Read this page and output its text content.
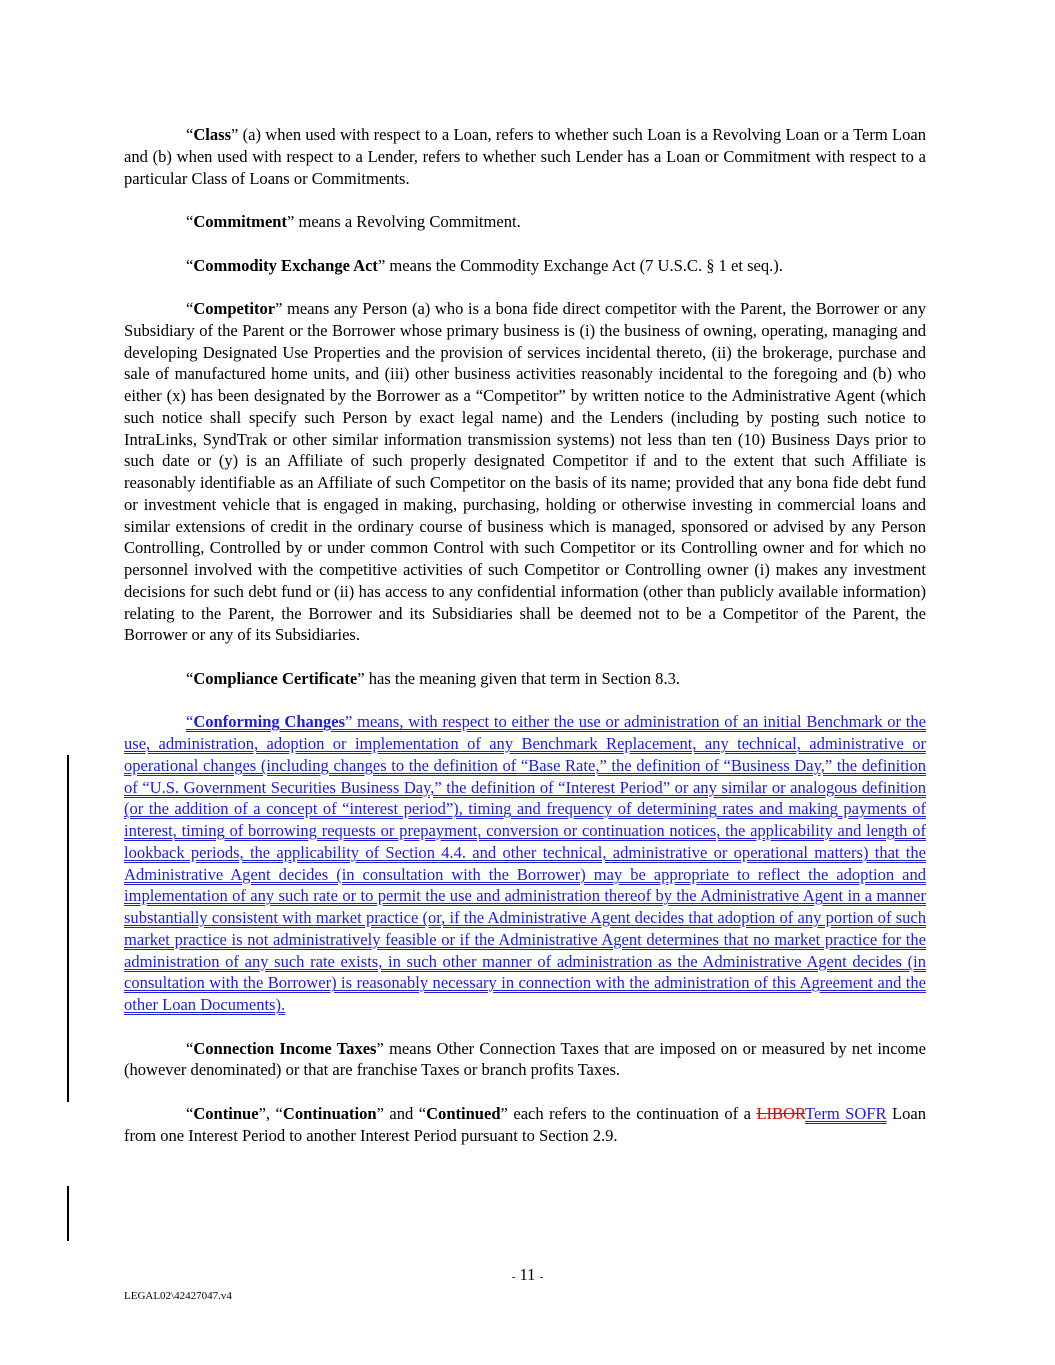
“Class” (a) when used with respect to a Loan, refers to whether such Loan is a Revolving Loan or a Term Loan and (b) when used with respect to a Lender, refers to whether such Lender has a Loan or Commitment with respect to a particular Class of Loans or Commitments.

“Commitment” means a Revolving Commitment.

“Commodity Exchange Act” means the Commodity Exchange Act (7 U.S.C. § 1 et seq.).

“Competitor” means any Person (a) who is a bona fide direct competitor with the Parent, the Borrower or any Subsidiary of the Parent or the Borrower whose primary business is (i) the business of owning, operating, managing and developing Designated Use Properties and the provision of services incidental thereto, (ii) the brokerage, purchase and sale of manufactured home units, and (iii) other business activities reasonably incidental to the foregoing and (b) who either (x) has been designated by the Borrower as a “Competitor” by written notice to the Administrative Agent (which such notice shall specify such Person by exact legal name) and the Lenders (including by posting such notice to IntraLinks, SyndTrak or other similar information transmission systems) not less than ten (10) Business Days prior to such date or (y) is an Affiliate of such properly designated Competitor if and to the extent that such Affiliate is reasonably identifiable as an Affiliate of such Competitor on the basis of its name; provided that any bona fide debt fund or investment vehicle that is engaged in making, purchasing, holding or otherwise investing in commercial loans and similar extensions of credit in the ordinary course of business which is managed, sponsored or advised by any Person Controlling, Controlled by or under common Control with such Competitor or its Controlling owner and for which no personnel involved with the competitive activities of such Competitor or Controlling owner (i) makes any investment decisions for such debt fund or (ii) has access to any confidential information (other than publicly available information) relating to the Parent, the Borrower and its Subsidiaries shall be deemed not to be a Competitor of the Parent, the Borrower or any of its Subsidiaries.

“Compliance Certificate” has the meaning given that term in Section 8.3.

“Conforming Changes” means, with respect to either the use or administration of an initial Benchmark or the use, administration, adoption or implementation of any Benchmark Replacement, any technical, administrative or operational changes (including changes to the definition of “Base Rate,” the definition of “Business Day,” the definition of “U.S. Government Securities Business Day,” the definition of “Interest Period” or any similar or analogous definition (or the addition of a concept of “interest period”), timing and frequency of determining rates and making payments of interest, timing of borrowing requests or prepayment, conversion or continuation notices, the applicability and length of lookback periods, the applicability of Section 4.4. and other technical, administrative or operational matters) that the Administrative Agent decides (in consultation with the Borrower) may be appropriate to reflect the adoption and implementation of any such rate or to permit the use and administration thereof by the Administrative Agent in a manner substantially consistent with market practice (or, if the Administrative Agent decides that adoption of any portion of such market practice is not administratively feasible or if the Administrative Agent determines that no market practice for the administration of any such rate exists, in such other manner of administration as the Administrative Agent decides (in consultation with the Borrower) is reasonably necessary in connection with the administration of this Agreement and the other Loan Documents).

“Connection Income Taxes” means Other Connection Taxes that are imposed on or measured by net income (however denominated) or that are franchise Taxes or branch profits Taxes.

“Continue”, “Continuation” and “Continued” each refers to the continuation of a LIBORTerm SOFR Loan from one Interest Period to another Interest Period pursuant to Section 2.9.

- 11 -
LEGAL02\42427047.v4
